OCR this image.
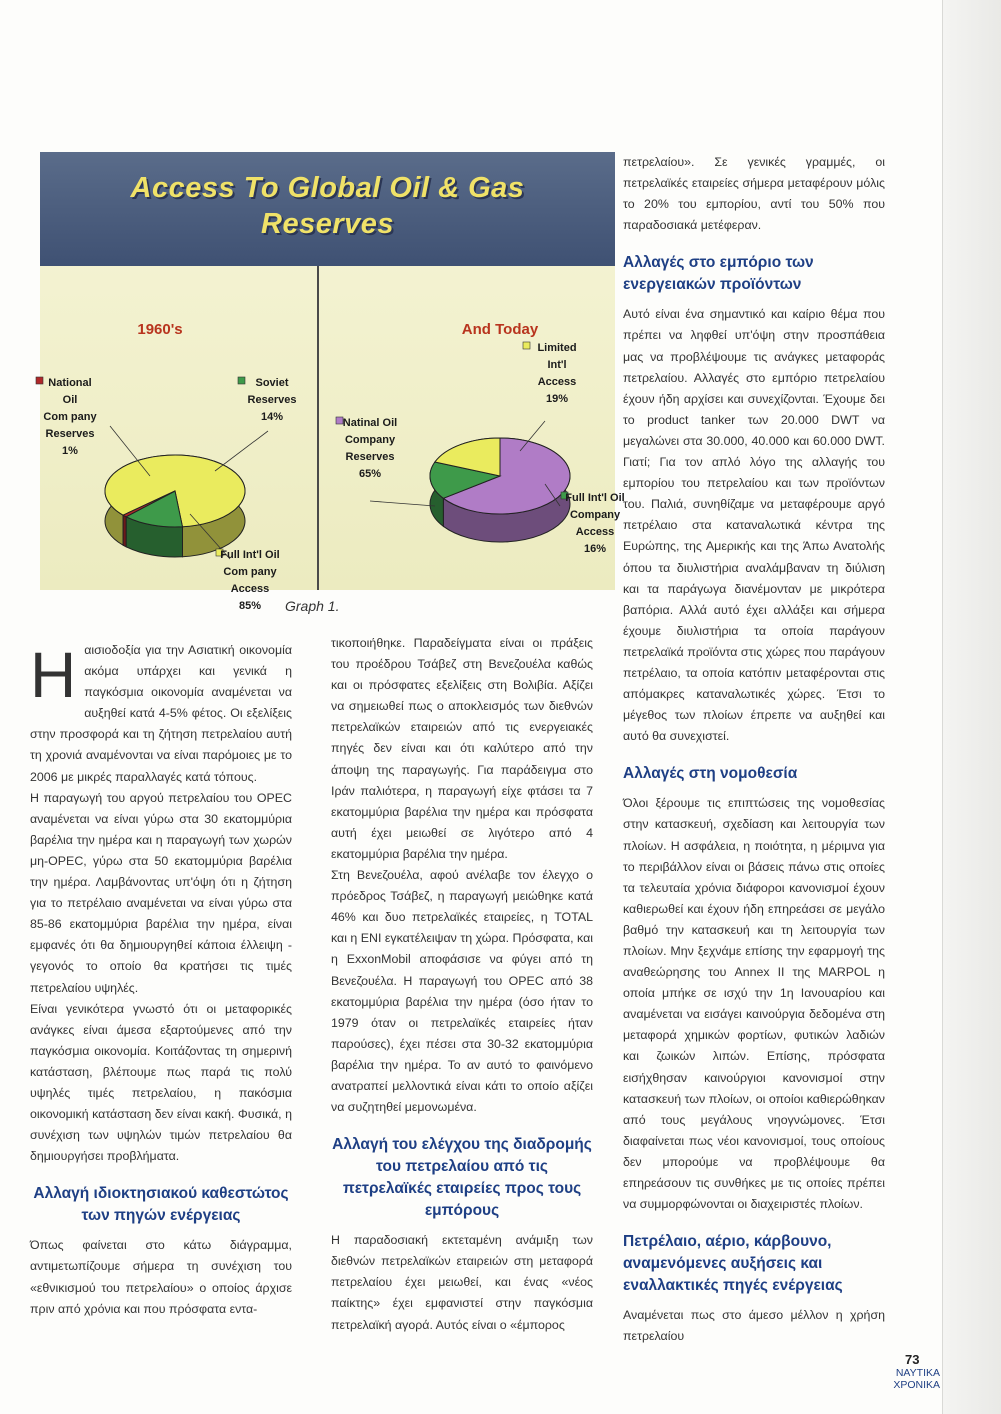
Access To Global Oil & Gas
Reserves
1960's
Full Int'l Oil
Com pany
Access
85%
Soviet
Reserves
14%
National
Oil
Com pany
Reserves
1%
And Today
Natinal Oil
Company
Reserves
65%
Full Int'l Oil
Company
Access
16%
Limited
Int'l
Access
19%
Graph 1.

Ηαισιοδοξία για την Ασιατική οικονομία ακόμα υπάρχει και γενικά η παγκόσμια οικονομία αναμένεται να αυξηθεί κατά 4-5% φέτος. Οι εξελίξεις στην προσφορά και τη ζήτηση πετρελαίου αυτή τη χρονιά αναμένονται να είναι παρόμοιες με το 2006 με μικρές παραλλαγές κατά τόπους.

Η παραγωγή του αργού πετρελαίου του OPEC αναμένεται να είναι γύρω στα 30 εκατομμύρια βαρέλια την ημέρα και η παραγωγή των χωρών μη-OPEC, γύρω στα 50 εκατομμύρια βαρέλια την ημέρα. Λαμβάνοντας υπ'όψη ότι η ζήτηση για το πετρέλαιο αναμένεται να είναι γύρω στα 85-86 εκατομμύρια βαρέλια την ημέρα, είναι εμφανές ότι θα δημιουργηθεί κάποια έλλειψη - γεγονός το οποίο θα κρατήσει τις τιμές πετρελαίου υψηλές.

Είναι γενικότερα γνωστό ότι οι μεταφορικές ανάγκες είναι άμεσα εξαρτούμενες από την παγκόσμια οικονομία. Κοιτάζοντας τη σημερινή κατάσταση, βλέπουμε πως παρά τις πολύ υψηλές τιμές πετρελαίου, η πακόσμια οικονομική κατάσταση δεν είναι κακή. Φυσικά, η συνέχιση των υψηλών τιμών πετρελαίου θα δημιουργήσει προβλήματα.

Αλλαγή ιδιοκτησιακού καθεστώτος των πηγών ενέργειας

Όπως φαίνεται στο κάτω διάγραμμα, αντιμετωπίζουμε σήμερα τη συνέχιση του «εθνικισμού του πετρελαίου» ο οποίος άρχισε πριν από χρόνια και που πρόσφατα εντα-

τικοποιήθηκε. Παραδείγματα είναι οι πράξεις του προέδρου Τσάβεζ στη Βενεζουέλα καθώς και οι πρόσφατες εξελίξεις στη Βολιβία. Αξίζει να σημειωθεί πως ο αποκλεισμός των διεθνών πετρελαϊκών εταιρειών από τις ενεργειακές πηγές δεν είναι και ότι καλύτερο από την άποψη της παραγωγής. Για παράδειγμα στο Ιράν παλιότερα, η παραγωγή είχε φτάσει τα 7 εκατομμύρια βαρέλια την ημέρα και πρόσφατα αυτή έχει μειωθεί σε λιγότερο από 4 εκατομμύρια βαρέλια την ημέρα.

Στη Βενεζουέλα, αφού ανέλαβε τον έλεγχο ο πρόεδρος Τσάβεζ, η παραγωγή μειώθηκε κατά 46% και δυο πετρελαϊκές εταιρείες, η TOTAL και η ENI εγκατέλειψαν τη χώρα. Πρόσφατα, και η ExxonMobil αποφάσισε να φύγει από τη Βενεζουέλα. Η παραγωγή του OPEC από 38 εκατομμύρια βαρέλια την ημέρα (όσο ήταν το 1979 όταν οι πετρελαϊκές εταιρείες ήταν παρούσες), έχει πέσει στα 30-32 εκατομμύρια βαρέλια την ημέρα. Το αν αυτό το φαινόμενο ανατραπεί μελλοντικά είναι κάτι το οποίο αξίζει να συζητηθεί μεμονωμένα.

Αλλαγή του ελέγχου της διαδρομής του πετρελαίου από τις πετρελαϊκές εταιρείες προς τους εμπόρους

Η παραδοσιακή εκτεταμένη ανάμιξη των διεθνών πετρελαϊκών εταιρειών στη μεταφορά πετρελαίου έχει μειωθεί, και ένας «νέος παίκτης» έχει εμφανιστεί στην παγκόσμια πετρελαϊκή αγορά. Αυτός είναι ο «έμπορος

πετρελαίου». Σε γενικές γραμμές, οι πετρελαϊκές εταιρείες σήμερα μεταφέρουν μόλις το 20% του εμπορίου, αντί του 50% που παραδοσιακά μετέφεραν.

Αλλαγές στο εμπόριο των ενεργειακών προϊόντων

Αυτό είναι ένα σημαντικό και καίριο θέμα που πρέπει να ληφθεί υπ'όψη στην προσπάθεια μας να προβλέψουμε τις ανάγκες μεταφοράς πετρελαίου. Αλλαγές στο εμπόριο πετρελαίου έχουν ήδη αρχίσει και συνεχίζονται. Έχουμε δει το product tanker των 20.000 DWT να μεγαλώνει στα 30.000, 40.000 και 60.000 DWT. Γιατί; Για τον απλό λόγο της αλλαγής του εμπορίου του πετρελαίου και των προϊόντων του. Παλιά, συνηθίζαμε να μεταφέρουμε αργό πετρέλαιο στα καταναλωτικά κέντρα της Ευρώπης, της Αμερικής και της Άπω Ανατολής όπου τα διυλιστήρια αναλάμβαναν τη διύλιση και τα παράγωγα διανέμονταν με μικρότερα βαπόρια. Αλλά αυτό έχει αλλάξει και σήμερα έχουμε διυλιστήρια τα οποία παράγουν πετρελαϊκά προϊόντα στις χώρες που παράγουν πετρέλαιο, τα οποία κατόπιν μεταφέρονται στις απόμακρες καταναλωτικές χώρες. Έτσι το μέγεθος των πλοίων έπρεπε να αυξηθεί και αυτό θα συνεχιστεί.

Αλλαγές στη νομοθεσία

Όλοι ξέρουμε τις επιπτώσεις της νομοθεσίας στην κατασκευή, σχεδίαση και λειτουργία των πλοίων. Η ασφάλεια, η ποιότητα, η μέριμνα για το περιβάλλον είναι οι βάσεις πάνω στις οποίες τα τελευταία χρόνια διάφοροι κανονισμοί έχουν καθιερωθεί και έχουν ήδη επηρεάσει σε μεγάλο βαθμό την κατασκευή και τη λειτουργία των πλοίων. Μην ξεχνάμε επίσης την εφαρμογή της αναθεώρησης του Annex II της MARPOL η οποία μπήκε σε ισχύ την 1η Ιανουαρίου και αναμένεται να εισάγει καινούργια δεδομένα στη μεταφορά χημικών φορτίων, φυτικών λαδιών και ζωικών λιπών. Επίσης, πρόσφατα εισήχθησαν καινούργιοι κανονισμοί στην κατασκευή των πλοίων, οι οποίοι καθιερώθηκαν από τους μεγάλους νηογνώμονες. Έτσι διαφαίνεται πως νέοι κανονισμοί, τους οποίους δεν μπορούμε να προβλέψουμε θα επηρεάσουν τις συνθήκες με τις οποίες πρέπει να συμμορφώνονται οι διαχειριστές πλοίων.

Πετρέλαιο, αέριο, κάρβουνο, αναμενόμενες αυξήσεις και εναλλακτικές πηγές ενέργειας

Αναμένεται πως στο άμεσο μέλλον η χρήση πετρελαίου

73
ΝΑΥΤΙΚΑ
ΧΡΟΝΙΚΑ
